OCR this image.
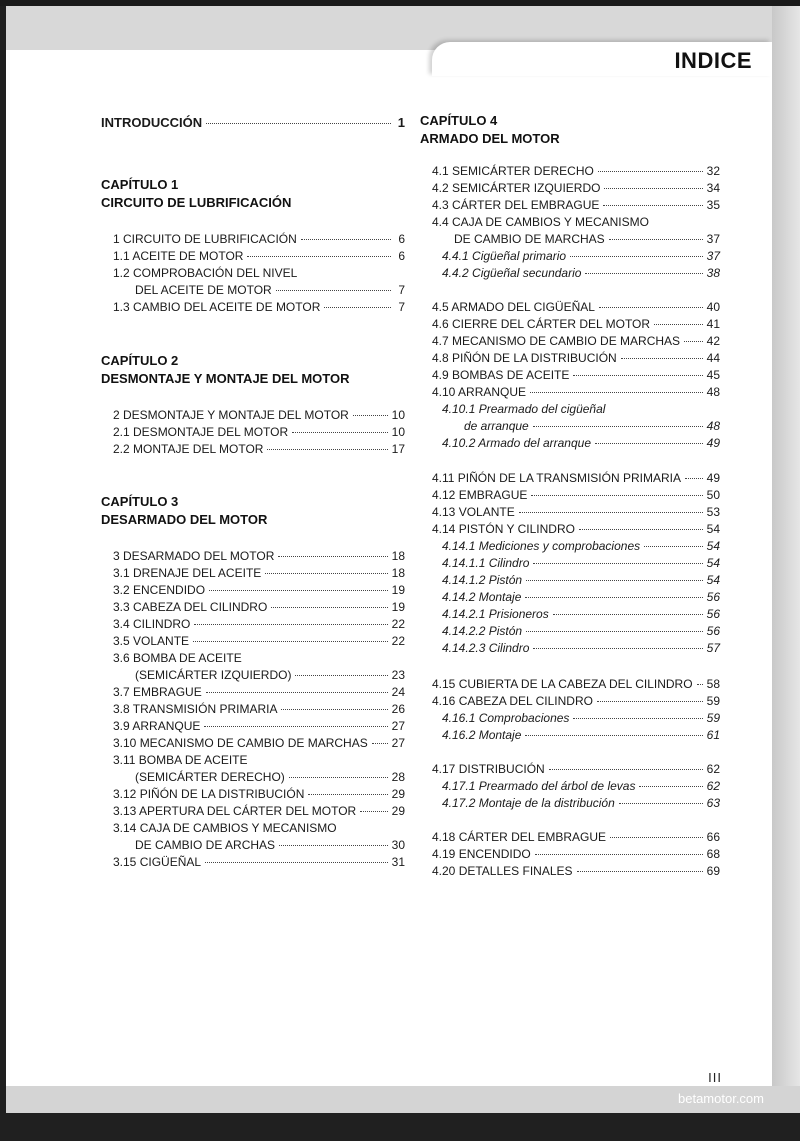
INDICE
INTRODUCCIÓN	1
CAPÍTULO 1
CIRCUITO DE LUBRIFICACIÓN
1 CIRCUITO DE LUBRIFICACIÓN	6
1.1 ACEITE DE MOTOR	6
1.2 COMPROBACIÓN DEL NIVEL
DEL ACEITE DE MOTOR	7
1.3 CAMBIO DEL ACEITE DE MOTOR	7
CAPÍTULO 2
DESMONTAJE Y MONTAJE DEL MOTOR
2 DESMONTAJE Y MONTAJE DEL MOTOR	10
2.1 DESMONTAJE DEL MOTOR	10
2.2 MONTAJE DEL MOTOR	17
CAPÍTULO 3
DESARMADO DEL MOTOR
3 DESARMADO DEL MOTOR	18
3.1 DRENAJE DEL ACEITE	18
3.2 ENCENDIDO	19
3.3 CABEZA DEL CILINDRO	19
3.4 CILINDRO	22
3.5 VOLANTE	22
3.6 BOMBA DE ACEITE
(SEMICÁRTER IZQUIERDO)	23
3.7 EMBRAGUE	24
3.8 TRANSMISIÓN PRIMARIA	26
3.9 ARRANQUE	27
3.10 MECANISMO DE CAMBIO DE MARCHAS 27
3.11 BOMBA DE ACEITE
(SEMICÁRTER DERECHO)	28
3.12 PIÑÓN DE LA DISTRIBUCIÓN	29
3.13 APERTURA DEL CÁRTER DEL MOTOR	29
3.14 CAJA DE CAMBIOS Y MECANISMO
DE CAMBIO DE ARCHAS	30
3.15 CIGÜEÑAL	31
CAPÍTULO 4
ARMADO DEL MOTOR
4.1 SEMICÁRTER DERECHO	32
4.2 SEMICÁRTER IZQUIERDO	34
4.3 CÁRTER DEL EMBRAGUE	35
4.4 CAJA DE CAMBIOS Y MECANISMO
DE CAMBIO DE MARCHAS	37
4.4.1 Cigüeñal primario	37
4.4.2 Cigüeñal secundario	38
4.5 ARMADO DEL CIGÜEÑAL	40
4.6 CIERRE DEL CÁRTER DEL MOTOR	41
4.7 MECANISMO DE CAMBIO DE MARCHAS 42
4.8 PIÑÓN DE LA DISTRIBUCIÓN	44
4.9 BOMBAS DE ACEITE	45
4.10 ARRANQUE	48
4.10.1 Prearmado del cigüeñal
de arranque	48
4.10.2 Armado del arranque	49
4.11 PIÑÓN DE LA TRANSMISIÓN PRIMARIA 49
4.12 EMBRAGUE	50
4.13 VOLANTE	53
4.14 PISTÓN Y CILINDRO	54
4.14.1 Mediciones y comprobaciones	54
4.14.1.1 Cilindro	54
4.14.1.2 Pistón	54
4.14.2 Montaje	56
4.14.2.1 Prisioneros	56
4.14.2.2 Pistón	56
4.14.2.3 Cilindro	57
4.15 CUBIERTA DE LA CABEZA DEL CILINDRO 58
4.16 CABEZA DEL CILINDRO	59
4.16.1 Comprobaciones	59
4.16.2 Montaje	61
4.17 DISTRIBUCIÓN	62
4.17.1 Prearmado del árbol de levas	62
4.17.2 Montaje de la distribución	63
4.18 CÁRTER DEL EMBRAGUE	66
4.19 ENCENDIDO	68
4.20 DETALLES FINALES	69
III
betamotor.com
